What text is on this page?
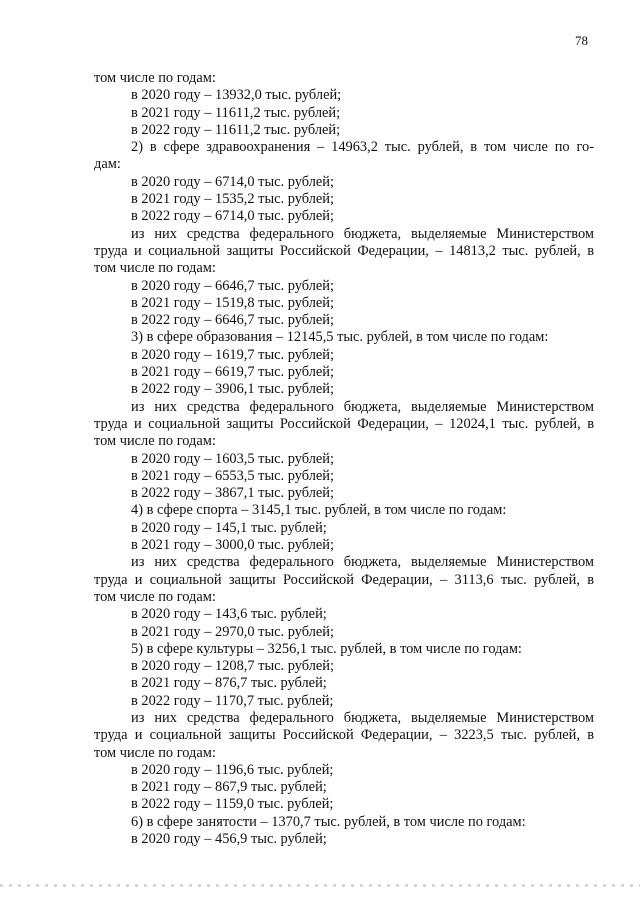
78
том числе по годам:
в 2020 году – 13932,0 тыс. рублей;
в 2021 году – 11611,2 тыс. рублей;
в 2022 году – 11611,2 тыс. рублей;
2) в сфере здравоохранения – 14963,2 тыс. рублей, в том числе по го-
дам:
в 2020 году – 6714,0 тыс. рублей;
в 2021 году – 1535,2 тыс. рублей;
в 2022 году – 6714,0 тыс. рублей;
из них средства федерального бюджета, выделяемые Министерством
труда и социальной защиты Российской Федерации, – 14813,2 тыс. рублей, в
том числе по годам:
в 2020 году – 6646,7 тыс. рублей;
в 2021 году – 1519,8 тыс. рублей;
в 2022 году – 6646,7 тыс. рублей;
3) в сфере образования – 12145,5 тыс. рублей, в том числе по годам:
в 2020 году – 1619,7 тыс. рублей;
в 2021 году – 6619,7 тыс. рублей;
в 2022 году – 3906,1 тыс. рублей;
из них средства федерального бюджета, выделяемые Министерством
труда и социальной защиты Российской Федерации, – 12024,1 тыс. рублей, в
том числе по годам:
в 2020 году – 1603,5 тыс. рублей;
в 2021 году – 6553,5 тыс. рублей;
в 2022 году – 3867,1 тыс. рублей;
4) в сфере спорта – 3145,1 тыс. рублей, в том числе по годам:
в 2020 году – 145,1 тыс. рублей;
в 2021 году – 3000,0 тыс. рублей;
из них средства федерального бюджета, выделяемые Министерством
труда и социальной защиты Российской Федерации, – 3113,6 тыс. рублей, в
том числе по годам:
в 2020 году – 143,6 тыс. рублей;
в 2021 году – 2970,0 тыс. рублей;
5) в сфере культуры – 3256,1 тыс. рублей, в том числе по годам:
в 2020 году – 1208,7 тыс. рублей;
в 2021 году – 876,7 тыс. рублей;
в 2022 году – 1170,7 тыс. рублей;
из них средства федерального бюджета, выделяемые Министерством
труда и социальной защиты Российской Федерации, – 3223,5 тыс. рублей, в
том числе по годам:
в 2020 году – 1196,6 тыс. рублей;
в 2021 году – 867,9 тыс. рублей;
в 2022 году – 1159,0 тыс. рублей;
6) в сфере занятости – 1370,7 тыс. рублей, в том числе по годам:
в 2020 году – 456,9 тыс. рублей;
